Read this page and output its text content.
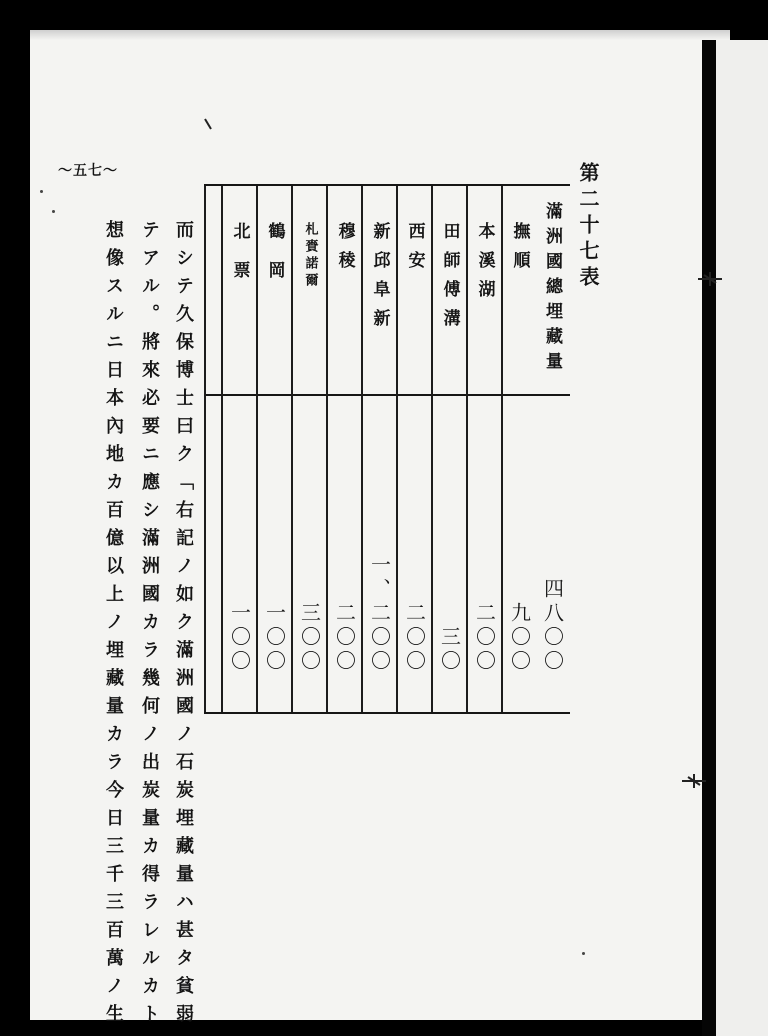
第二十七表
〜五七〜
滿洲國總埋藏量
四八〇〇
撫順
九〇〇
本溪湖
二〇〇
田師傅溝
三〇
西安
二〇〇
新邱阜新
一、二〇〇
穆稜
二〇〇
札賚諾爾
三〇〇
鶴岡
一〇〇
北票
一〇〇
而シテ久保博士曰ク「右記ノ如ク滿洲國ノ石炭埋藏量ハ甚タ貧弱
テアル。將來必要ニ應シ滿洲國カラ幾何ノ出炭量カ得ラレルカト
想像スルニ日本內地カ百億以上ノ埋藏量カラ今日三千三百萬ノ生
